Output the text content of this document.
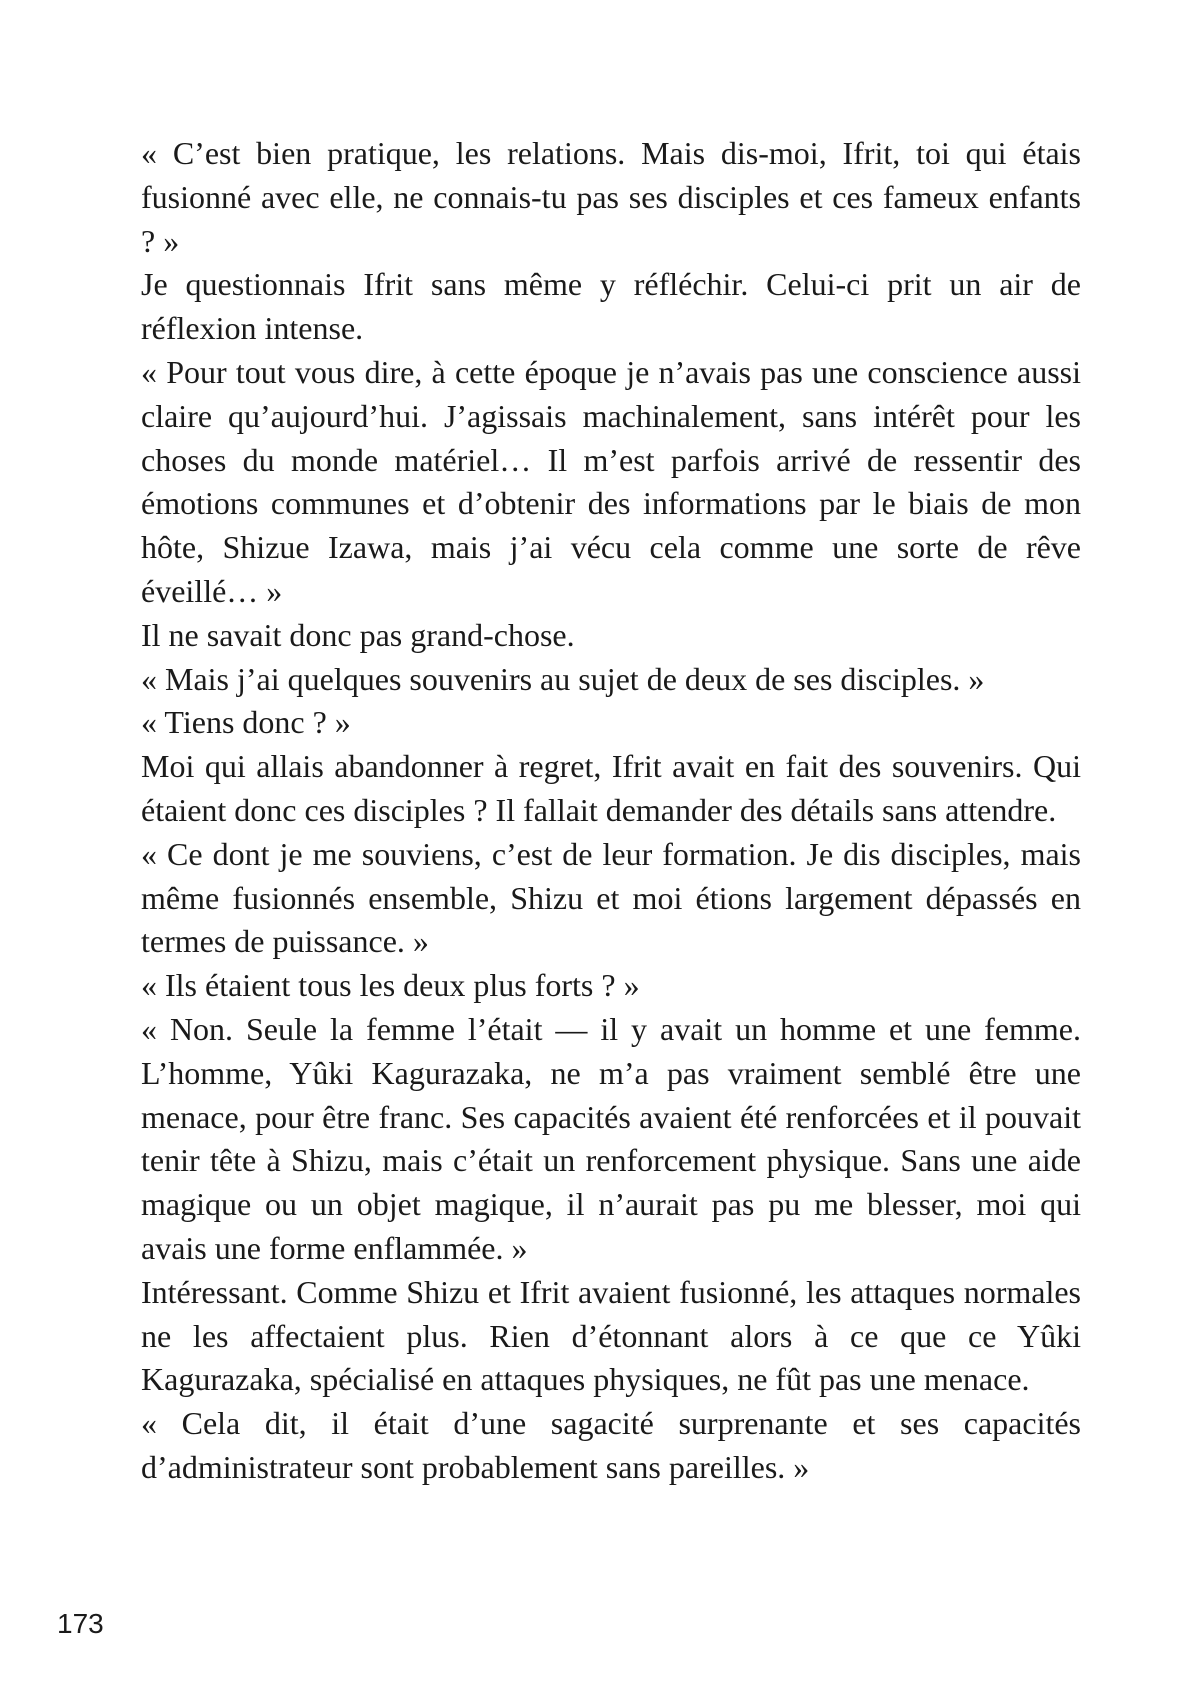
« C’est bien pratique, les relations. Mais dis-moi, Ifrit, toi qui étais fusionné avec elle, ne connais-tu pas ses disciples et ces fameux enfants ? »

Je questionnais Ifrit sans même y réfléchir. Celui-ci prit un air de réflexion intense.

« Pour tout vous dire, à cette époque je n’avais pas une conscience aussi claire qu’aujourd’hui. J’agissais machinalement, sans intérêt pour les choses du monde matériel… Il m’est parfois arrivé de ressentir des émotions communes et d’obtenir des informations par le biais de mon hôte, Shizue Izawa, mais j’ai vécu cela comme une sorte de rêve éveillé… »

Il ne savait donc pas grand-chose.

« Mais j’ai quelques souvenirs au sujet de deux de ses disciples. »

« Tiens donc ? »

Moi qui allais abandonner à regret, Ifrit avait en fait des souvenirs. Qui étaient donc ces disciples ? Il fallait demander des détails sans attendre.

« Ce dont je me souviens, c’est de leur formation. Je dis disciples, mais même fusionnés ensemble, Shizu et moi étions largement dépassés en termes de puissance. »

« Ils étaient tous les deux plus forts ? »

« Non. Seule la femme l’était — il y avait un homme et une femme. L’homme, Yûki Kagurazaka, ne m’a pas vraiment semblé être une menace, pour être franc. Ses capacités avaient été renforcées et il pouvait tenir tête à Shizu, mais c’était un renforcement physique. Sans une aide magique ou un objet magique, il n’aurait pas pu me blesser, moi qui avais une forme enflammée. »

Intéressant. Comme Shizu et Ifrit avaient fusionné, les attaques normales ne les affectaient plus. Rien d’étonnant alors à ce que ce Yûki Kagurazaka, spécialisé en attaques physiques, ne fût pas une menace.

« Cela dit, il était d’une sagacité surprenante et ses capacités d’administrateur sont probablement sans pareilles. »

173
